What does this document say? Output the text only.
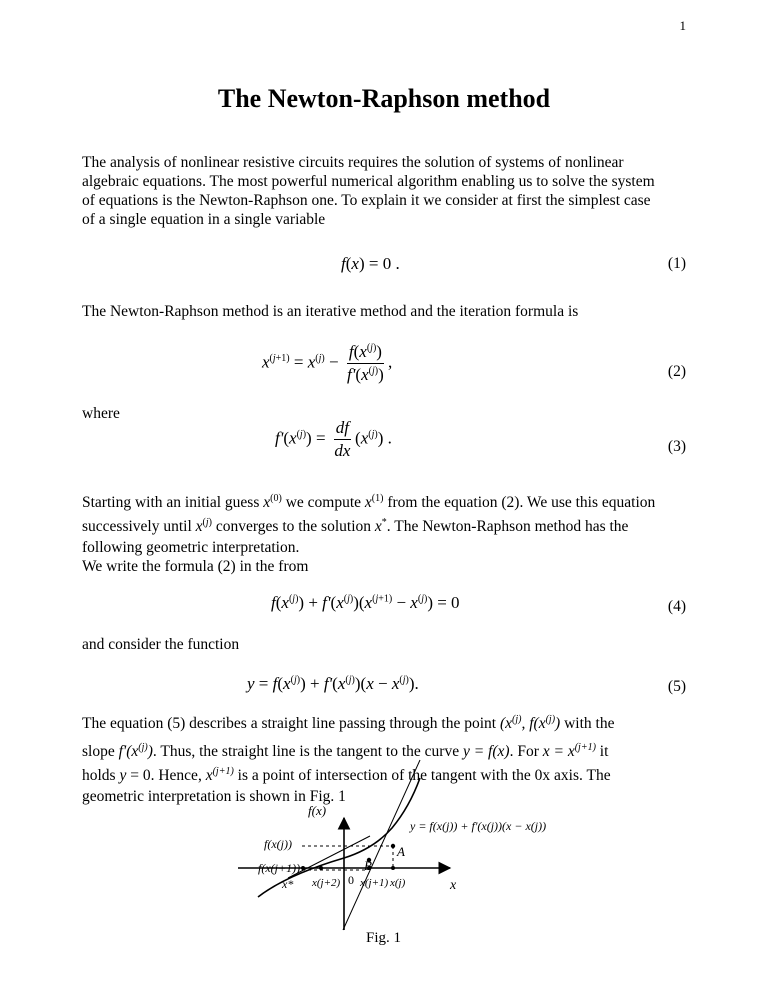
1
The Newton-Raphson method
The analysis of nonlinear resistive circuits requires the solution of systems of nonlinear
algebraic equations. The most powerful numerical algorithm enabling us to solve the system
of equations is the Newton-Raphson one. To explain it we consider at first the simplest case
of a single equation in a single variable
f(x) = 0 .	(1)
The Newton-Raphson method is an iterative method and the iteration formula is
$x^{(j+1)} = x^{(j)} - \frac{f(x^{(j)})}{f'(x^{(j)})}$ ,
(2)
where
$f'(x^{(j)}) = \frac{df}{dx} (x^{(j)})$ .	(3)
Starting with an initial guess $x^{(0)}$ we compute $x^{(1)}$ from the equation (2). We use this equation
successively until $x^{(j)}$ converges to the solution x*. The Newton-Raphson method has the
following geometric interpretation.
We write the formula (2) in the from
$f(x^{(j)}) + f'(x^{(j)})(x^{(j+1)} - x^{(j)}) = 0$	(4)
and consider the function
$y = f(x^{(j)}) + f'(x^{(j)})(x - x^{(j)})$.	(5)
The equation (5) describes a straight line passing through the point ($x^{(j)}$, $f(x^{(j)})$ with the
slope $f'(x^{(j)})$. Thus, the straight line is the tangent to the curve y = f(x). For $x = x^{(j+1)}$ it
holds y = 0. Hence, $x^{(j+1)}$ is a point of intersection of the tangent with the 0x axis. The
geometric interpretation is shown in Fig. 1
f(x)
x
y = f(x(j)) + f'(x(j))(x − x(j))
A
B
f(x(j))
f(x(j+1))
x*	0
x(j+2) x(j+1) x(j)
Fig. 1
